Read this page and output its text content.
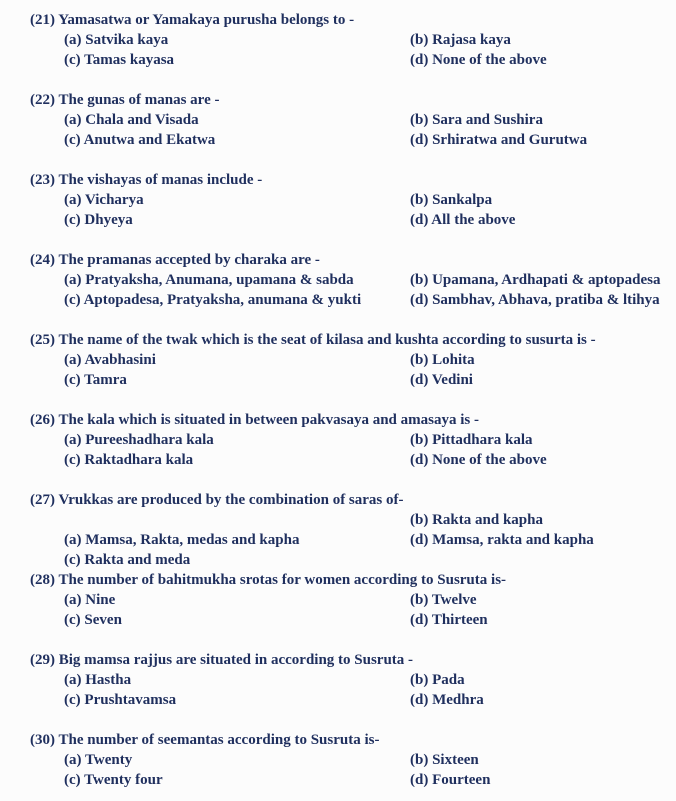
(21) Yamasatwa or Yamakaya purusha belongs to -
(a) Satvika kaya	(b) Rajasa kaya
(c) Tamas kayasa	(d) None of the above
(22) The gunas of manas are -
(a) Chala and Visada	(b) Sara and Sushira
(c) Anutwa and Ekatwa	(d) Srhiratwa and Gurutwa
(23) The vishayas of manas include -
(a) Vicharya	(b) Sankalpa
(c) Dhyeya	(d) All the above
(24) The pramanas accepted by charaka are -
(a) Pratyaksha, Anumana, upamana & sabda	(b) Upamana, Ardhapati & aptopadesa
(c) Aptopadesa, Pratyaksha, anumana & yukti	(d) Sambhav, Abhava, pratiba & ltihya
(25) The name of the twak which is the seat of kilasa and kushta according to susurta is -
(a) Avabhasini	(b) Lohita
(c) Tamra	(d) Vedini
(26) The kala which is situated in between pakvasaya and amasaya is -
(a) Pureeshadhara kala	(b) Pittadhara kala
(c) Raktadhara kala	(d) None of the above
(27) Vrukkas are produced by the combination of saras of-
(b) Rakta and kapha
(a) Mamsa, Rakta, medas and kapha	(d) Mamsa, rakta and kapha
(c) Rakta and meda
(28) The number of bahitmukha srotas for women according to Susruta is-
(a) Nine	(b) Twelve
(c) Seven	(d) Thirteen
(29) Big mamsa rajjus are situated in according to Susruta -
(a) Hastha	(b) Pada
(c) Prushtavamsa	(d) Medhra
(30) The number of seemantas according to Susruta is-
(a) Twenty	(b) Sixteen
(c) Twenty four	(d) Fourteen
